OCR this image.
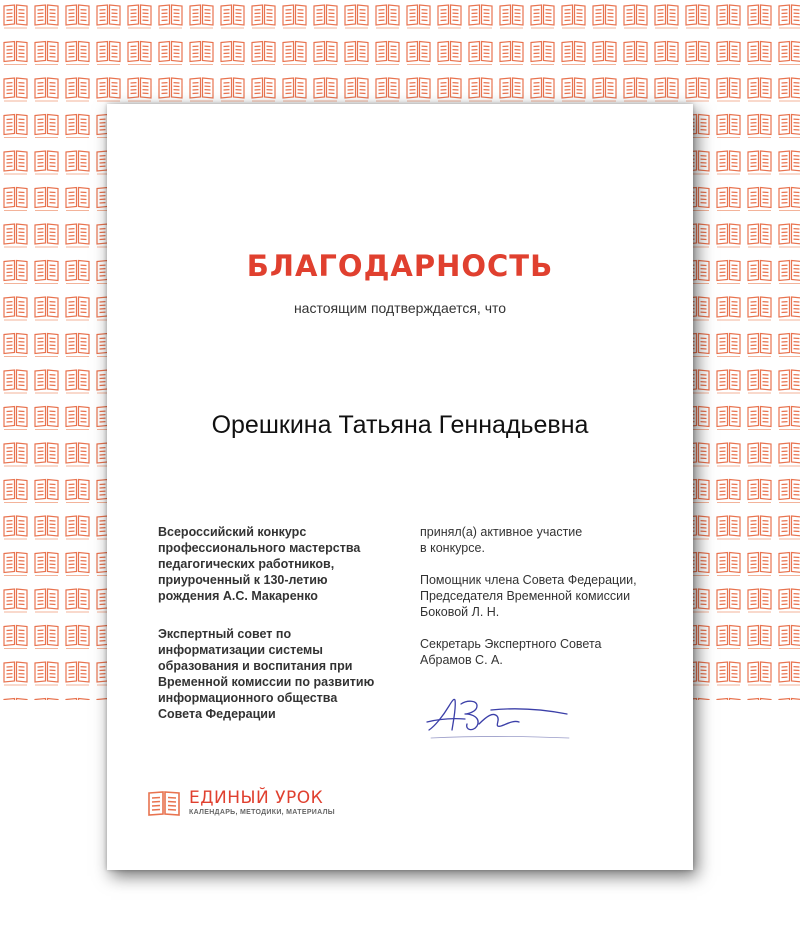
БЛАГОДАРНОСТЬ
настоящим подтверждается, что
Орешкина Татьяна Геннадьевна
Всероссийский конкурс
профессионального мастерства
педагогических работников,
приуроченный к 130-летию
рождения А.С. Макаренко
Экспертный совет по
информатизации системы
образования и воспитания при
Временной комиссии по развитию
информационного общества
Совета Федерации
принял(а) активное участие
в конкурсе.
Помощник члена Совета Федерации,
Председателя Временной комиссии
Боковой Л. Н.
Секретарь Экспертного Совета
Абрамов С. А.
ЕДИНЫЙ УРОК
КАЛЕНДАРЬ, МЕТОДИКИ, МАТЕРИАЛЫ
